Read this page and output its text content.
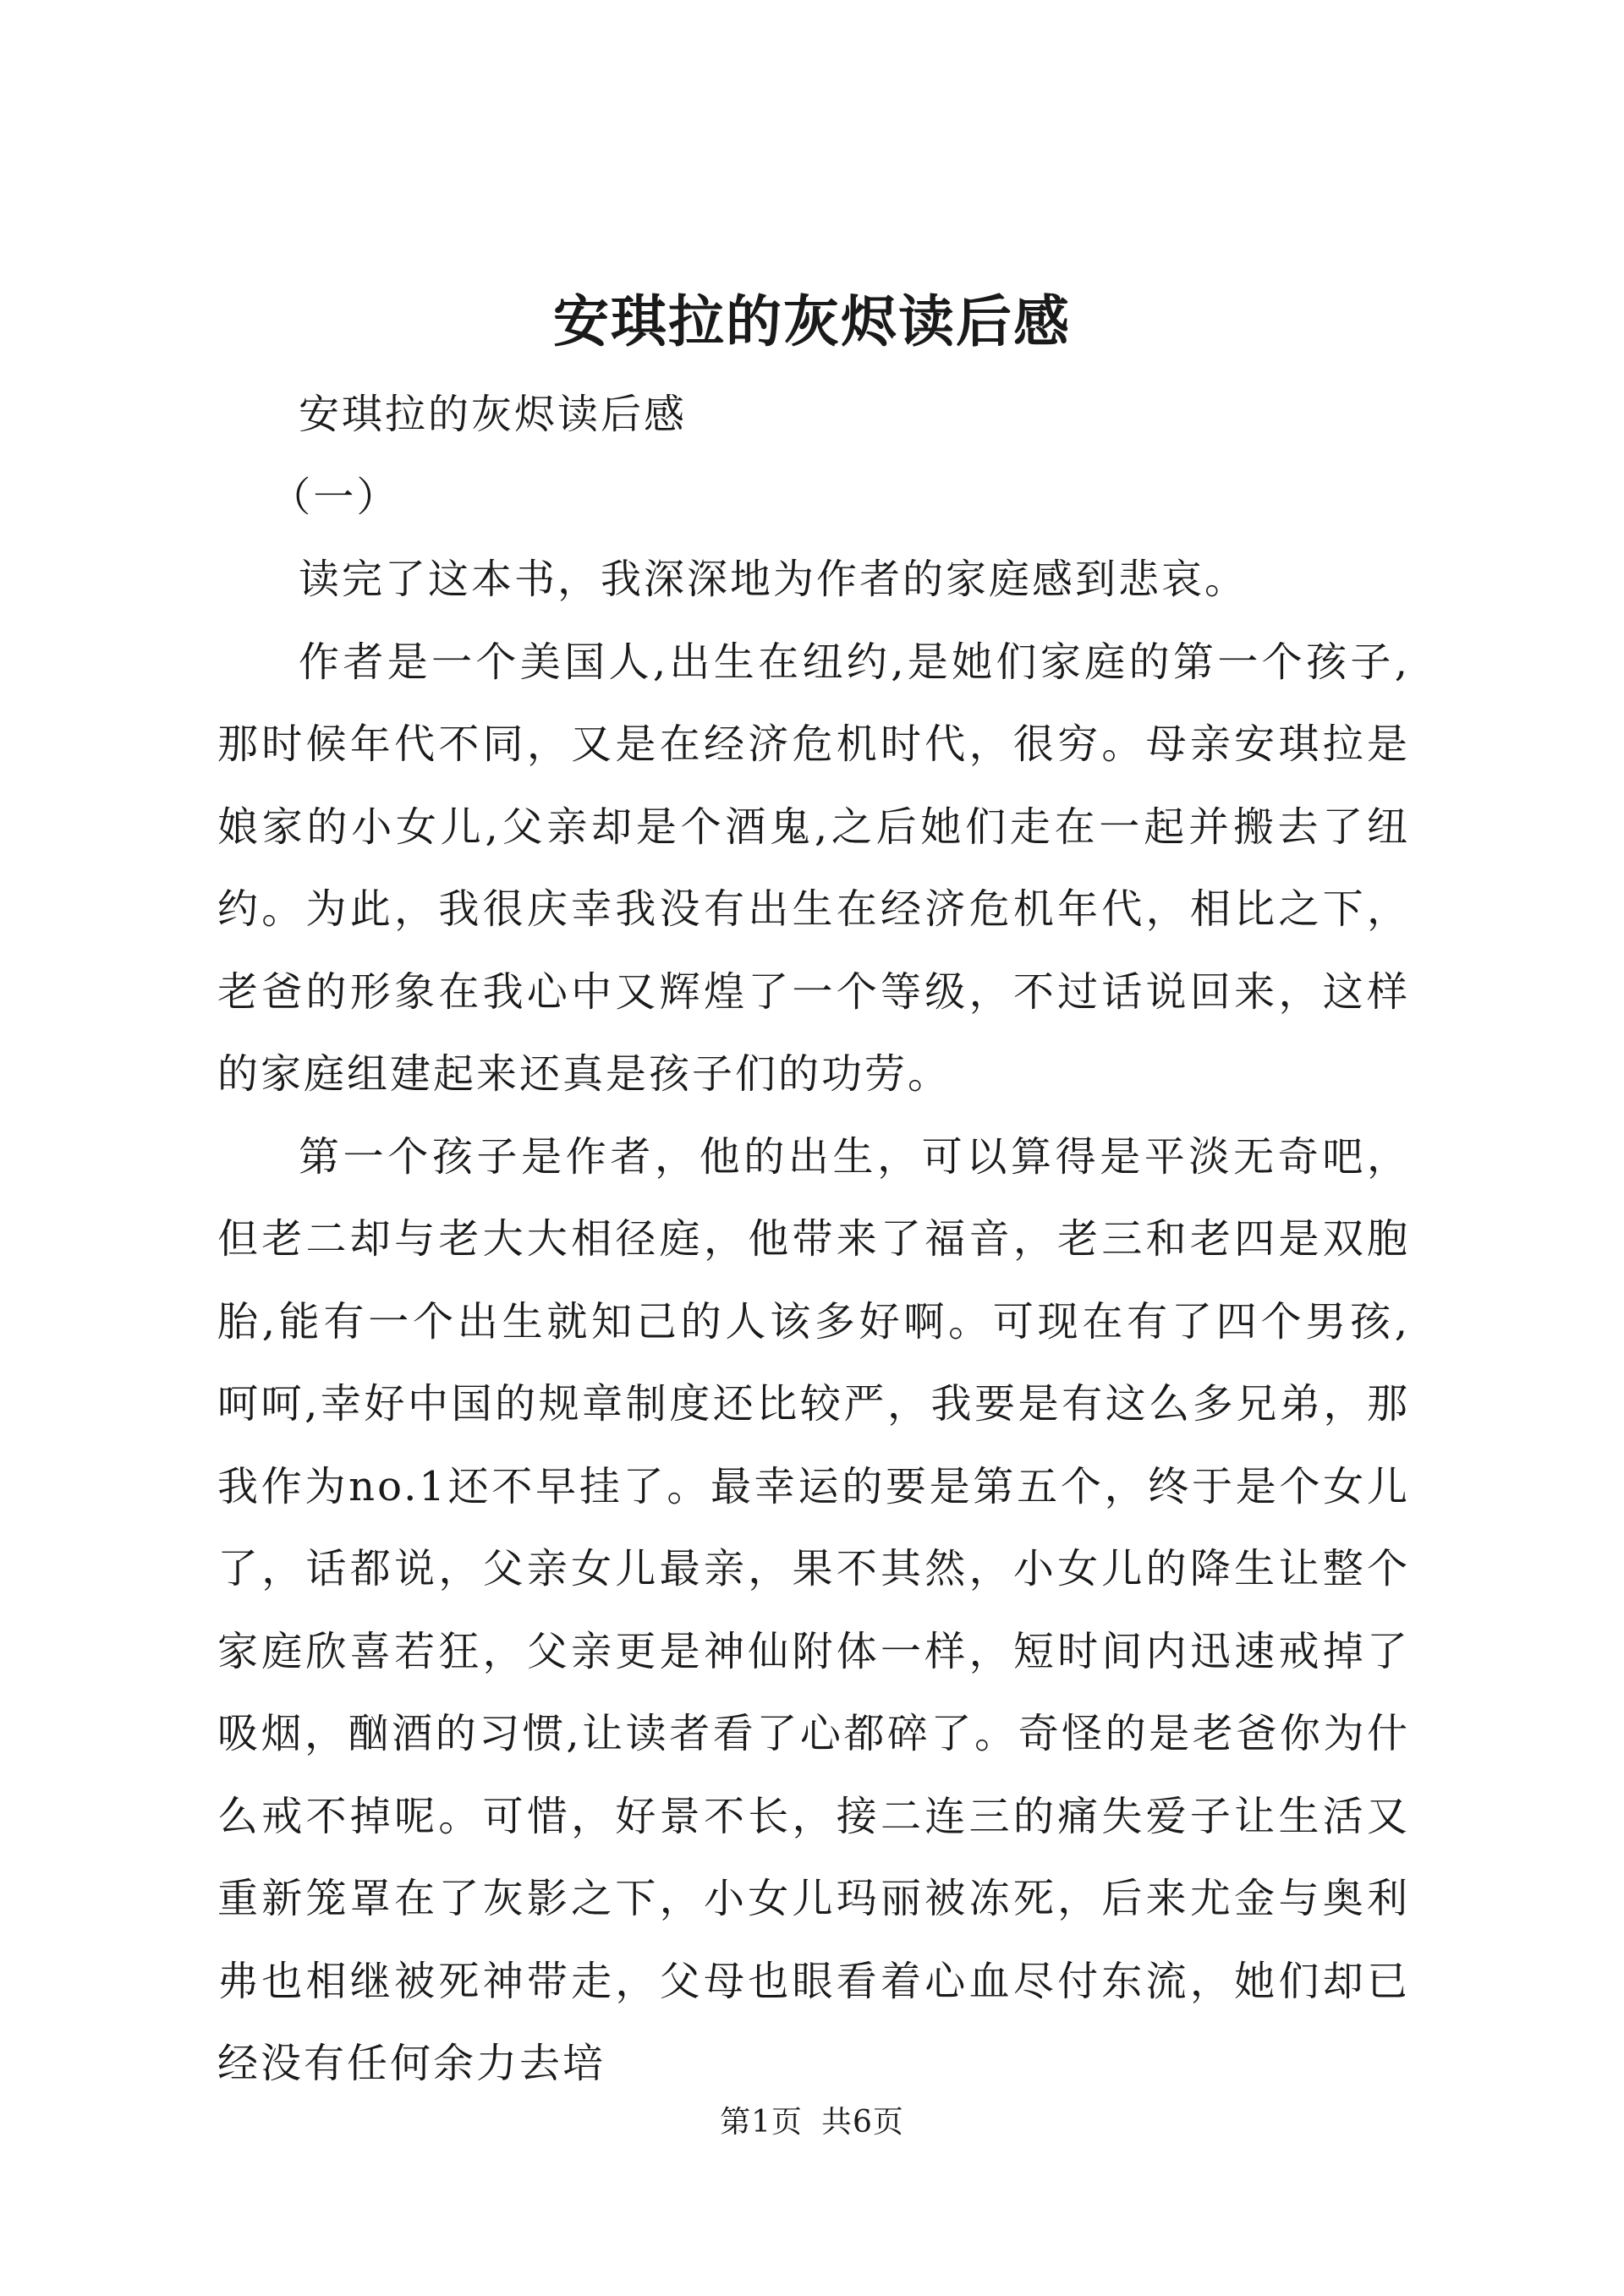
安琪拉的灰烬读后感

安琪拉的灰烬读后感

（一）

读完了这本书，我深深地为作者的家庭感到悲哀。

作者是一个美国人,出生在纽约,是她们家庭的第一个孩子,那时候年代不同，又是在经济危机时代，很穷。母亲安琪拉是娘家的小女儿,父亲却是个酒鬼,之后她们走在一起并搬去了纽约。为此，我很庆幸我没有出生在经济危机年代，相比之下，老爸的形象在我心中又辉煌了一个等级，不过话说回来，这样的家庭组建起来还真是孩子们的功劳。

第一个孩子是作者，他的出生，可以算得是平淡无奇吧，但老二却与老大大相径庭，他带来了福音，老三和老四是双胞胎,能有一个出生就知己的人该多好啊。可现在有了四个男孩,呵呵,幸好中国的规章制度还比较严，我要是有这么多兄弟，那我作为no.1还不早挂了。最幸运的要是第五个，终于是个女儿了，话都说，父亲女儿最亲，果不其然，小女儿的降生让整个家庭欣喜若狂，父亲更是神仙附体一样，短时间内迅速戒掉了吸烟，酗酒的习惯,让读者看了心都碎了。奇怪的是老爸你为什么戒不掉呢。可惜，好景不长，接二连三的痛失爱子让生活又重新笼罩在了灰影之下，小女儿玛丽被冻死，后来尤金与奥利弗也相继被死神带走，父母也眼看着心血尽付东流，她们却已经没有任何余力去培

第1页 共6页
